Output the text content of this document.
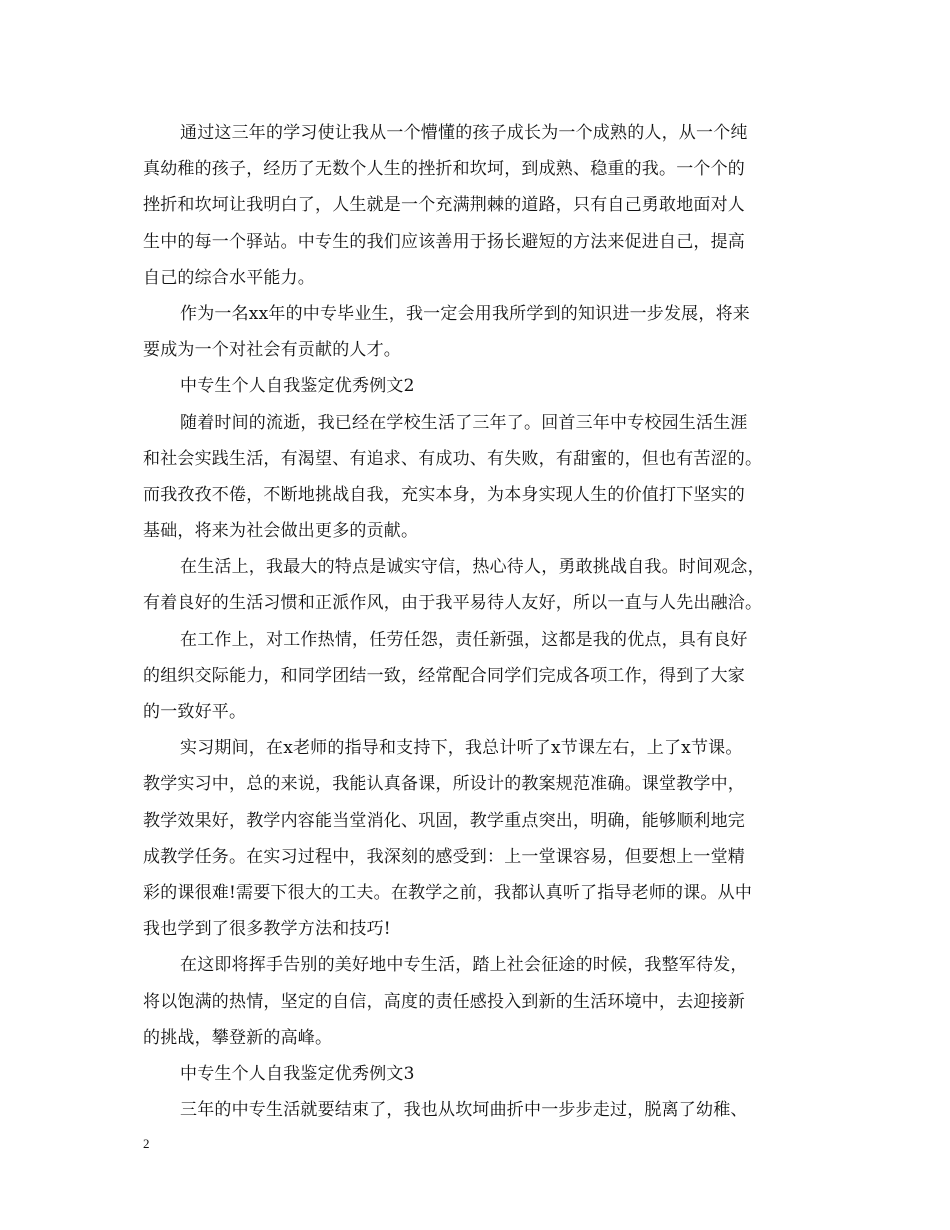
通过这三年的学习使让我从一个懵懂的孩子成长为一个成熟的人，从一个纯
真幼稚的孩子，经历了无数个人生的挫折和坎坷，到成熟、稳重的我。一个个的
挫折和坎坷让我明白了，人生就是一个充满荆棘的道路，只有自己勇敢地面对人
生中的每一个驿站。中专生的我们应该善用于扬长避短的方法来促进自己，提高
自己的综合水平能力。
作为一名xx年的中专毕业生，我一定会用我所学到的知识进一步发展，将来
要成为一个对社会有贡献的人才。
中专生个人自我鉴定优秀例文2
随着时间的流逝，我已经在学校生活了三年了。回首三年中专校园生活生涯
和社会实践生活，有渴望、有追求、有成功、有失败，有甜蜜的，但也有苦涩的。
而我孜孜不倦，不断地挑战自我，充实本身，为本身实现人生的价值打下坚实的
基础，将来为社会做出更多的贡献。
在生活上，我最大的特点是诚实守信，热心待人，勇敢挑战自我。时间观念，
有着良好的生活习惯和正派作风，由于我平易待人友好，所以一直与人先出融洽。
在工作上，对工作热情，任劳任怨，责任新强，这都是我的优点，具有良好
的组织交际能力，和同学团结一致，经常配合同学们完成各项工作，得到了大家
的一致好平。
实习期间，在x老师的指导和支持下，我总计听了x节课左右，上了x节课。
教学实习中，总的来说，我能认真备课，所设计的教案规范准确。课堂教学中，
教学效果好，教学内容能当堂消化、巩固，教学重点突出，明确，能够顺利地完
成教学任务。在实习过程中，我深刻的感受到：上一堂课容易，但要想上一堂精
彩的课很难!需要下很大的工夫。在教学之前，我都认真听了指导老师的课。从中
我也学到了很多教学方法和技巧!
在这即将挥手告别的美好地中专生活，踏上社会征途的时候，我整军待发，
将以饱满的热情，坚定的自信，高度的责任感投入到新的生活环境中，去迎接新
的挑战，攀登新的高峰。
中专生个人自我鉴定优秀例文3
三年的中专生活就要结束了，我也从坎坷曲折中一步步走过，脱离了幼稚、
2
